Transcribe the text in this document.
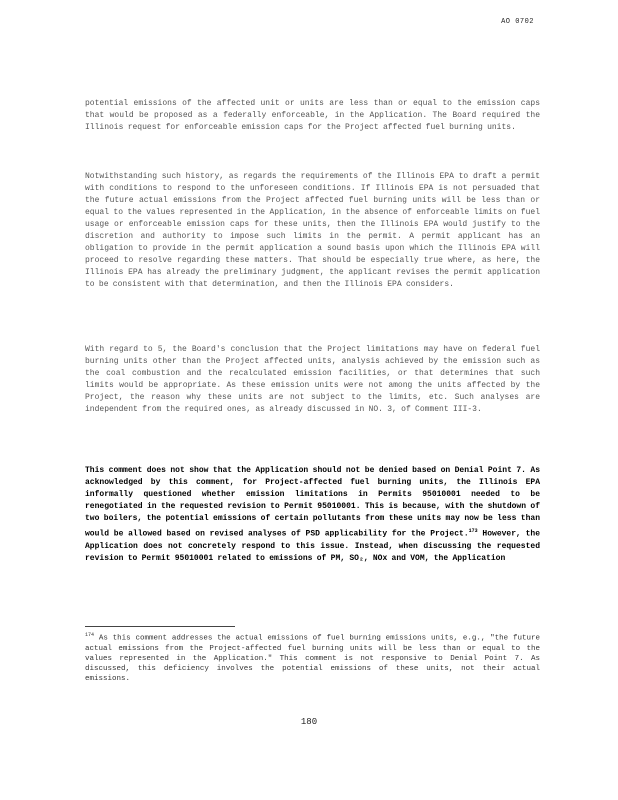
AO 0702

potential emissions of the affected unit or units are less than or equal to the emission caps that would be proposed as a federally enforceable, in the Application. The Board required the Illinois request for enforceable emission caps for the Project affected fuel burning units.

Notwithstanding such history, as regards the requirements of the Illinois EPA to draft a permit with conditions to respond to the unforeseen conditions. If Illinois EPA is not persuaded that the future actual emissions from the Project affected fuel burning units will be less than or equal to the values represented in the Application, in the absence of enforceable limits on fuel usage or enforceable emission caps for these units, then the Illinois EPA would justify to the discretion and authority to impose such limits in the permit. A permit applicant has an obligation to provide in the permit application a sound basis upon which the Illinois EPA will proceed to resolve regarding these matters. That should be especially true where, as here, the Illinois EPA has already the preliminary judgment, the applicant revises the permit application to be consistent with that determination, and then the Illinois EPA considers.

With regard to 5, the Board's conclusion that the Project limitations may have on federal fuel burning units other than the Project affected units, analysis achieved by the emission such as the coal combustion and the recalculated emission facilities, or that determines that such limits would be appropriate. As these emission units were not among the units affected by the Project, the reason why these units are not subject to the limits, etc. Such analyses are independent from the required ones, as already discussed in NO. 3, of Comment III-3.

This comment does not show that the Application should not be denied based on Denial Point 7. As acknowledged by this comment, for Project-affected fuel burning units, the Illinois EPA informally questioned whether emission limitations in Permits 95010001 needed to be renegotiated in the requested revision to Permit 95010001. This is because, with the shutdown of two boilers, the potential emissions of certain pollutants from these units may now be less than would be allowed based on revised analyses of PSD applicability for the Project.$^{173}$ However, the Application does not concretely respond to this issue. Instead, when discussing the requested revision to Permit 95010001 related to emissions of PM, SO₂, NOx and VOM, the Application

$^{174}$ As this comment addresses the actual emissions of fuel burning emissions units, e.g., "the future actual emissions from the Project-affected fuel burning units will be less than or equal to the values represented in the Application." This comment is not responsive to Denial Point 7. As discussed, this deficiency involves the potential emissions of these units, not their actual emissions.

180
